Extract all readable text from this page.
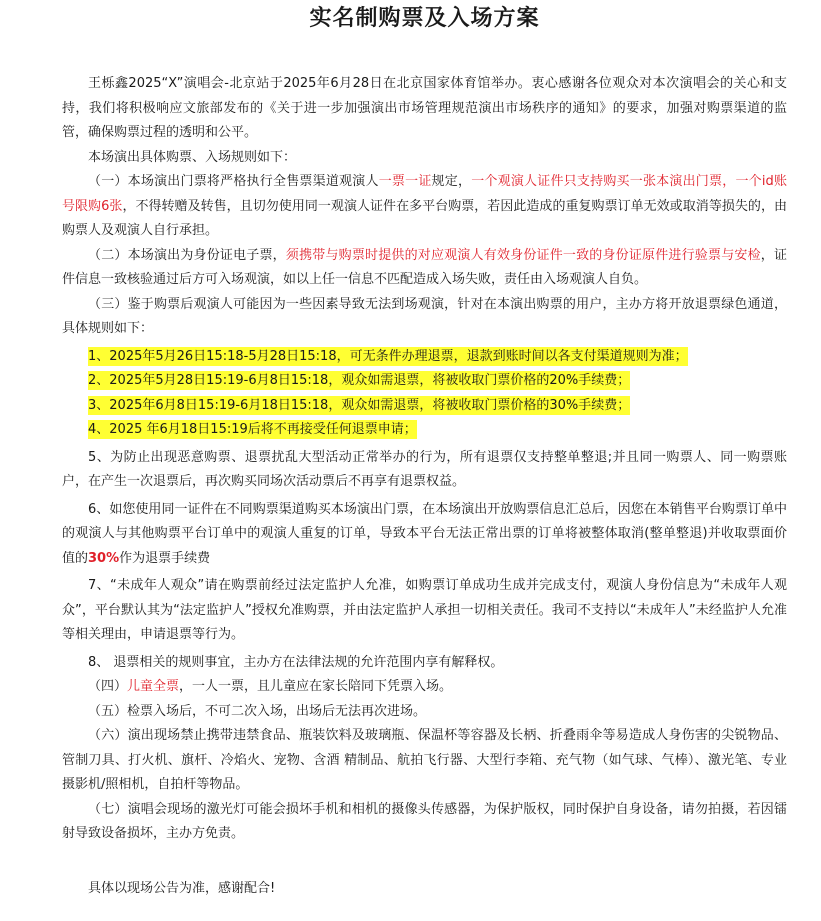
实名制购票及入场方案

王栎鑫2025“X”演唱会-北京站于2025年6月28日在北京国家体育馆举办。衷心感谢各位观众对本次演唱会的关心和支持，我们将积极响应文旅部发布的《关于进一步加强演出市场管理规范演出市场秩序的通知》的要求，加强对购票渠道的监管，确保购票过程的透明和公平。

本场演出具体购票、入场规则如下：

（一）本场演出门票将严格执行全售票渠道观演人一票一证规定，一个观演人证件只支持购买一张本演出门票，一个id账号限购6张，不得转赠及转售，且切勿使用同一观演人证件在多平台购票，若因此造成的重复购票订单无效或取消等损失的，由购票人及观演人自行承担。

（二）本场演出为身份证电子票，须携带与购票时提供的对应观演人有效身份证件一致的身份证原件进行验票与安检，证件信息一致核验通过后方可入场观演，如以上任一信息不匹配造成入场失败，责任由入场观演人自负。

（三）鉴于购票后观演人可能因为一些因素导致无法到场观演，针对在本演出购票的用户，主办方将开放退票绿色通道，具体规则如下：

1、2025年5月26日15:18-5月28日15:18，可无条件办理退票，退款到账时间以各支付渠道规则为准；

2、2025年5月28日15:19-6月8日15:18，观众如需退票，将被收取门票价格的20%手续费；

3、2025年6月8日15:19-6月18日15:18，观众如需退票，将被收取门票价格的30%手续费；

4、2025 年6月18日15:19后将不再接受任何退票申请；

5、为防止出现恶意购票、退票扰乱大型活动正常举办的行为，所有退票仅支持整单整退;并且同一购票人、同一购票账户，在产生一次退票后，再次购买同场次活动票后不再享有退票权益。

6、如您使用同一证件在不同购票渠道购买本场演出门票，在本场演出开放购票信息汇总后，因您在本销售平台购票订单中的观演人与其他购票平台订单中的观演人重复的订单，导致本平台无法正常出票的订单将被整体取消(整单整退)并收取票面价值的30%作为退票手续费

7、“未成年人观众”请在购票前经过法定监护人允准，如购票订单成功生成并完成支付，观演人身份信息为“未成年人观众”，平台默认其为“法定监护人”授权允准购票，并由法定监护人承担一切相关责任。我司不支持以“未成年人”未经监护人允准等相关理由，申请退票等行为。

8、 退票相关的规则事宜，主办方在法律法规的允许范围内享有解释权。

（四）儿童全票，一人一票，且儿童应在家长陪同下凭票入场。

（五）检票入场后，不可二次入场，出场后无法再次进场。

（六）演出现场禁止携带违禁食品、瓶装饮料及玻璃瓶、保温杯等容器及长柄、折叠雨伞等易造成人身伤害的尖锐物品、管制刀具、打火机、旗杆、冷焰火、宠物、含酒 精制品、航拍飞行器、大型行李箱、充气物（如气球、气棒）、激光笔、专业摄影机/照相机，自拍杆等物品。

（七）演唱会现场的激光灯可能会损坏手机和相机的摄像头传感器，为保护版权，同时保护自身设备，请勿拍摄，若因镭射导致设备损坏，主办方免责。

具体以现场公告为准，感谢配合!
